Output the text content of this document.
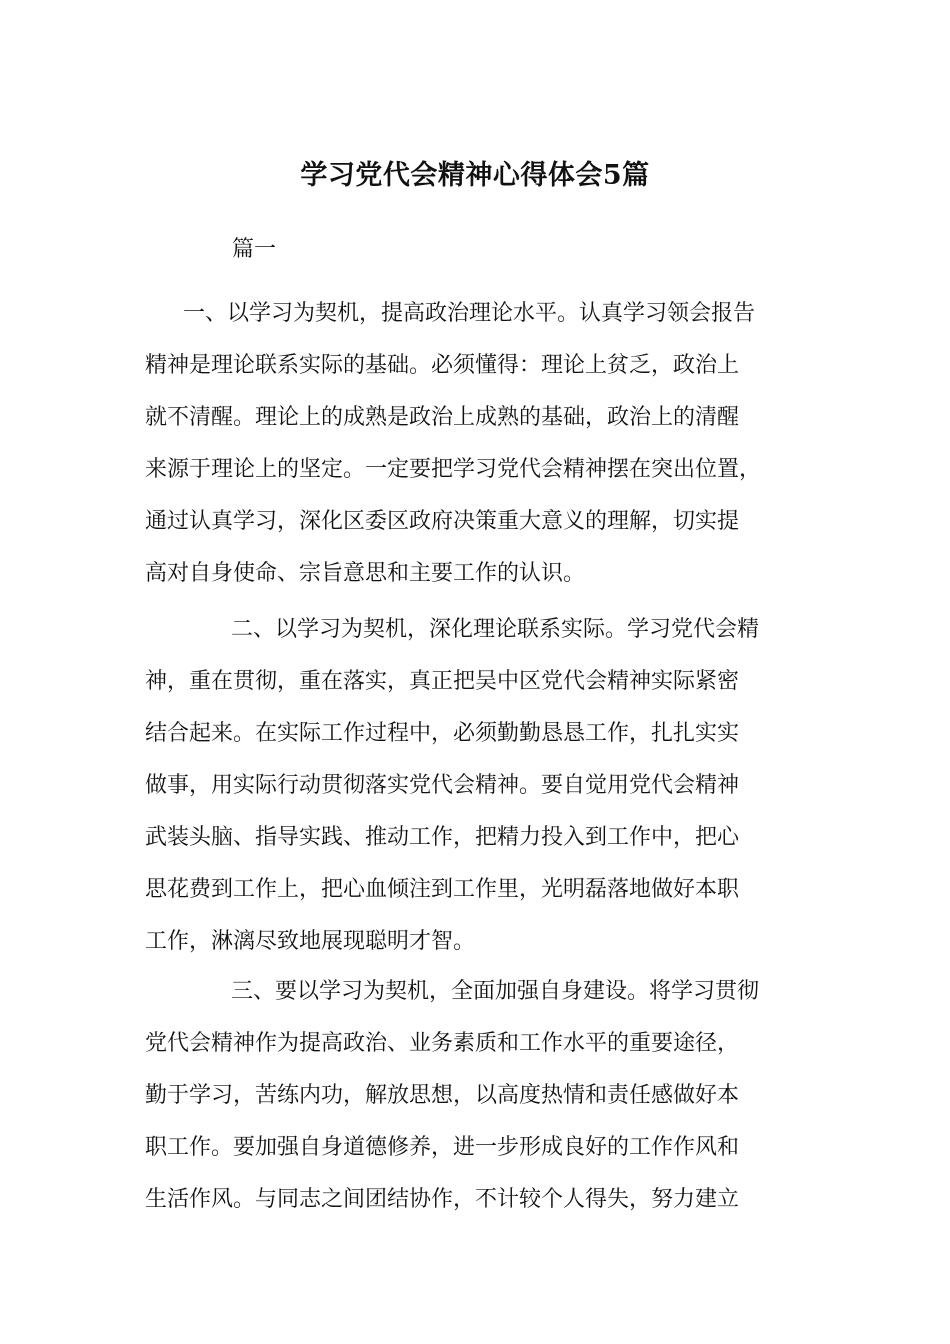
学习党代会精神心得体会5篇
篇一
一、以学习为契机，提高政治理论水平。认真学习领会报告
精神是理论联系实际的基础。必须懂得：理论上贫乏，政治上
就不清醒。理论上的成熟是政治上成熟的基础，政治上的清醒
来源于理论上的坚定。一定要把学习党代会精神摆在突出位置，
通过认真学习，深化区委区政府决策重大意义的理解，切实提
高对自身使命、宗旨意思和主要工作的认识。
二、以学习为契机，深化理论联系实际。学习党代会精
神，重在贯彻，重在落实，真正把吴中区党代会精神实际紧密
结合起来。在实际工作过程中，必须勤勤恳恳工作，扎扎实实
做事，用实际行动贯彻落实党代会精神。要自觉用党代会精神
武装头脑、指导实践、推动工作，把精力投入到工作中，把心
思花费到工作上，把心血倾注到工作里，光明磊落地做好本职
工作，淋漓尽致地展现聪明才智。
三、要以学习为契机，全面加强自身建设。将学习贯彻
党代会精神作为提高政治、业务素质和工作水平的重要途径，
勤于学习，苦练内功，解放思想，以高度热情和责任感做好本
职工作。要加强自身道德修养，进一步形成良好的工作作风和
生活作风。与同志之间团结协作，不计较个人得失，努力建立
